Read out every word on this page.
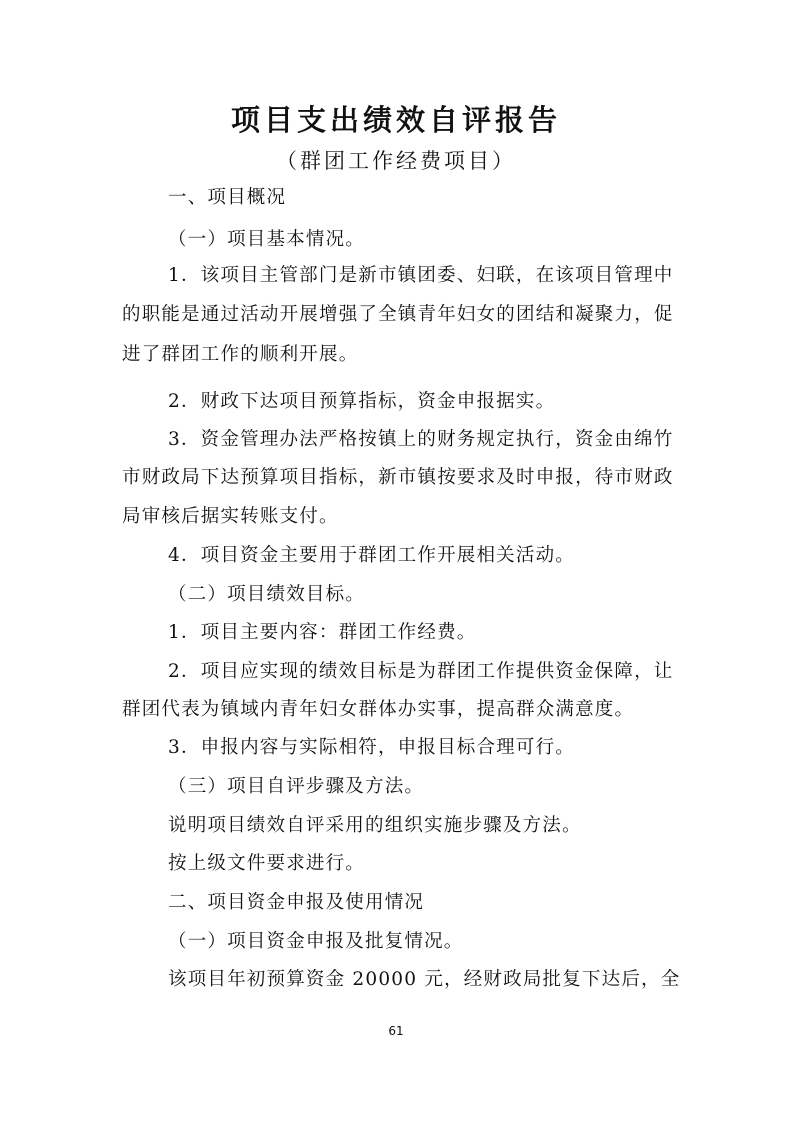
项目支出绩效自评报告
（群团工作经费项目）
一、项目概况
（一）项目基本情况。
1．该项目主管部门是新市镇团委、妇联，在该项目管理中
的职能是通过活动开展增强了全镇青年妇女的团结和凝聚力，促
进了群团工作的顺利开展。
2．财政下达项目预算指标，资金申报据实。
3．资金管理办法严格按镇上的财务规定执行，资金由绵竹
市财政局下达预算项目指标，新市镇按要求及时申报，待市财政
局审核后据实转账支付。
4．项目资金主要用于群团工作开展相关活动。
（二）项目绩效目标。
1．项目主要内容：群团工作经费。
2．项目应实现的绩效目标是为群团工作提供资金保障，让
群团代表为镇域内青年妇女群体办实事，提高群众满意度。
3．申报内容与实际相符，申报目标合理可行。
（三）项目自评步骤及方法。
说明项目绩效自评采用的组织实施步骤及方法。
按上级文件要求进行。
二、项目资金申报及使用情况
（一）项目资金申报及批复情况。
该项目年初预算资金 20000 元，经财政局批复下达后，全
61
